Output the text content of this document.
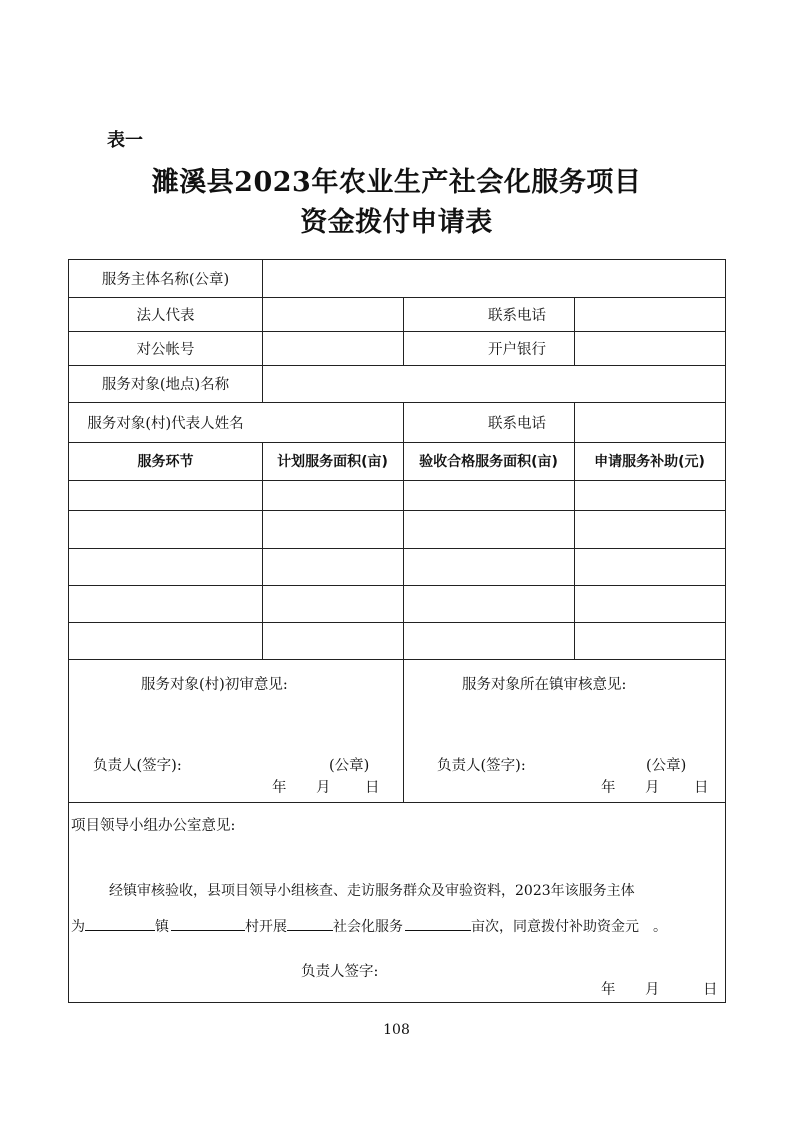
表一
濉溪县2023年农业生产社会化服务项目
资金拨付申请表
服务主体名称(公章)
法人代表	联系电话
对公帐号	开户银行
服务对象(地点)名称
服务对象(村)代表人姓名	联系电话
服务环节	计划服务面积(亩)	验收合格服务面积(亩)	申请服务补助(元)
服务对象(村)初审意见:
负责人(签字):	(公章)
年 月 日
服务对象所在镇审核意见:
负责人(签字):	(公章)
年 月 日
项目领导小组办公室意见:
经镇审核验收，县项目领导小组核查、走访服务群众及审验资料，2023年该服务主体
为	镇	村开展	社会化服务	亩次，同意拨付补助资金元　。
负责人签字:
年 月	日
108
